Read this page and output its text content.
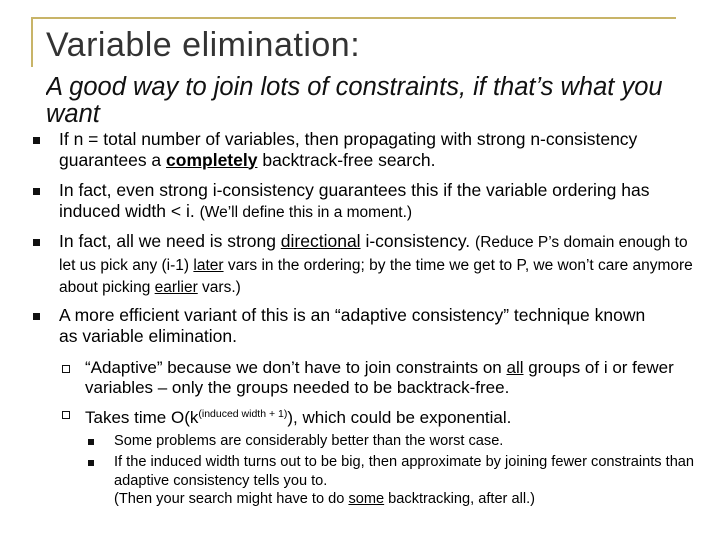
Variable elimination:
A good way to join lots of constraints, if that’s what you want
If n = total number of variables, then propagating with strong n-consistency guarantees a completely backtrack-free search.
In fact, even strong i-consistency guarantees this if the variable ordering has induced width < i. (We’ll define this in a moment.)
In fact, all we need is strong directional i-consistency. (Reduce P’s domain enough to let us pick any (i-1) later vars in the ordering; by the time we get to P, we won’t care anymore about picking earlier vars.)
A more efficient variant of this is an “adaptive consistency” technique known as variable elimination.
“Adaptive” because we don’t have to join constraints on all groups of i or fewer variables – only the groups needed to be backtrack-free.
Takes time $O(k^{(induced width + 1)})$, which could be exponential.
Some problems are considerably better than the worst case.
If the induced width turns out to be big, then approximate by joining fewer constraints than adaptive consistency tells you to.
(Then your search might have to do some backtracking, after all.)
